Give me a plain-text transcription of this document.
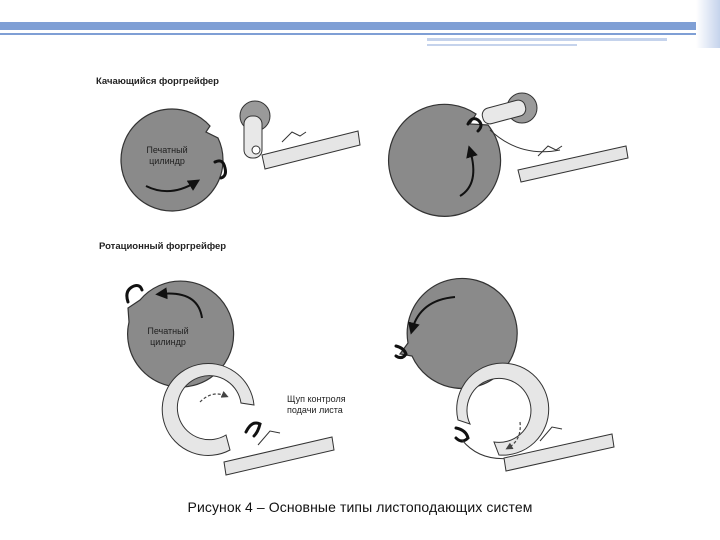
Качающийся форгрейфер
Ротационный форгрейфер
Печатный
цилиндр
Печатный
цилиндр
Щуп контроля
подачи листа
Рисунок 4 – Основные типы листоподающих систем
